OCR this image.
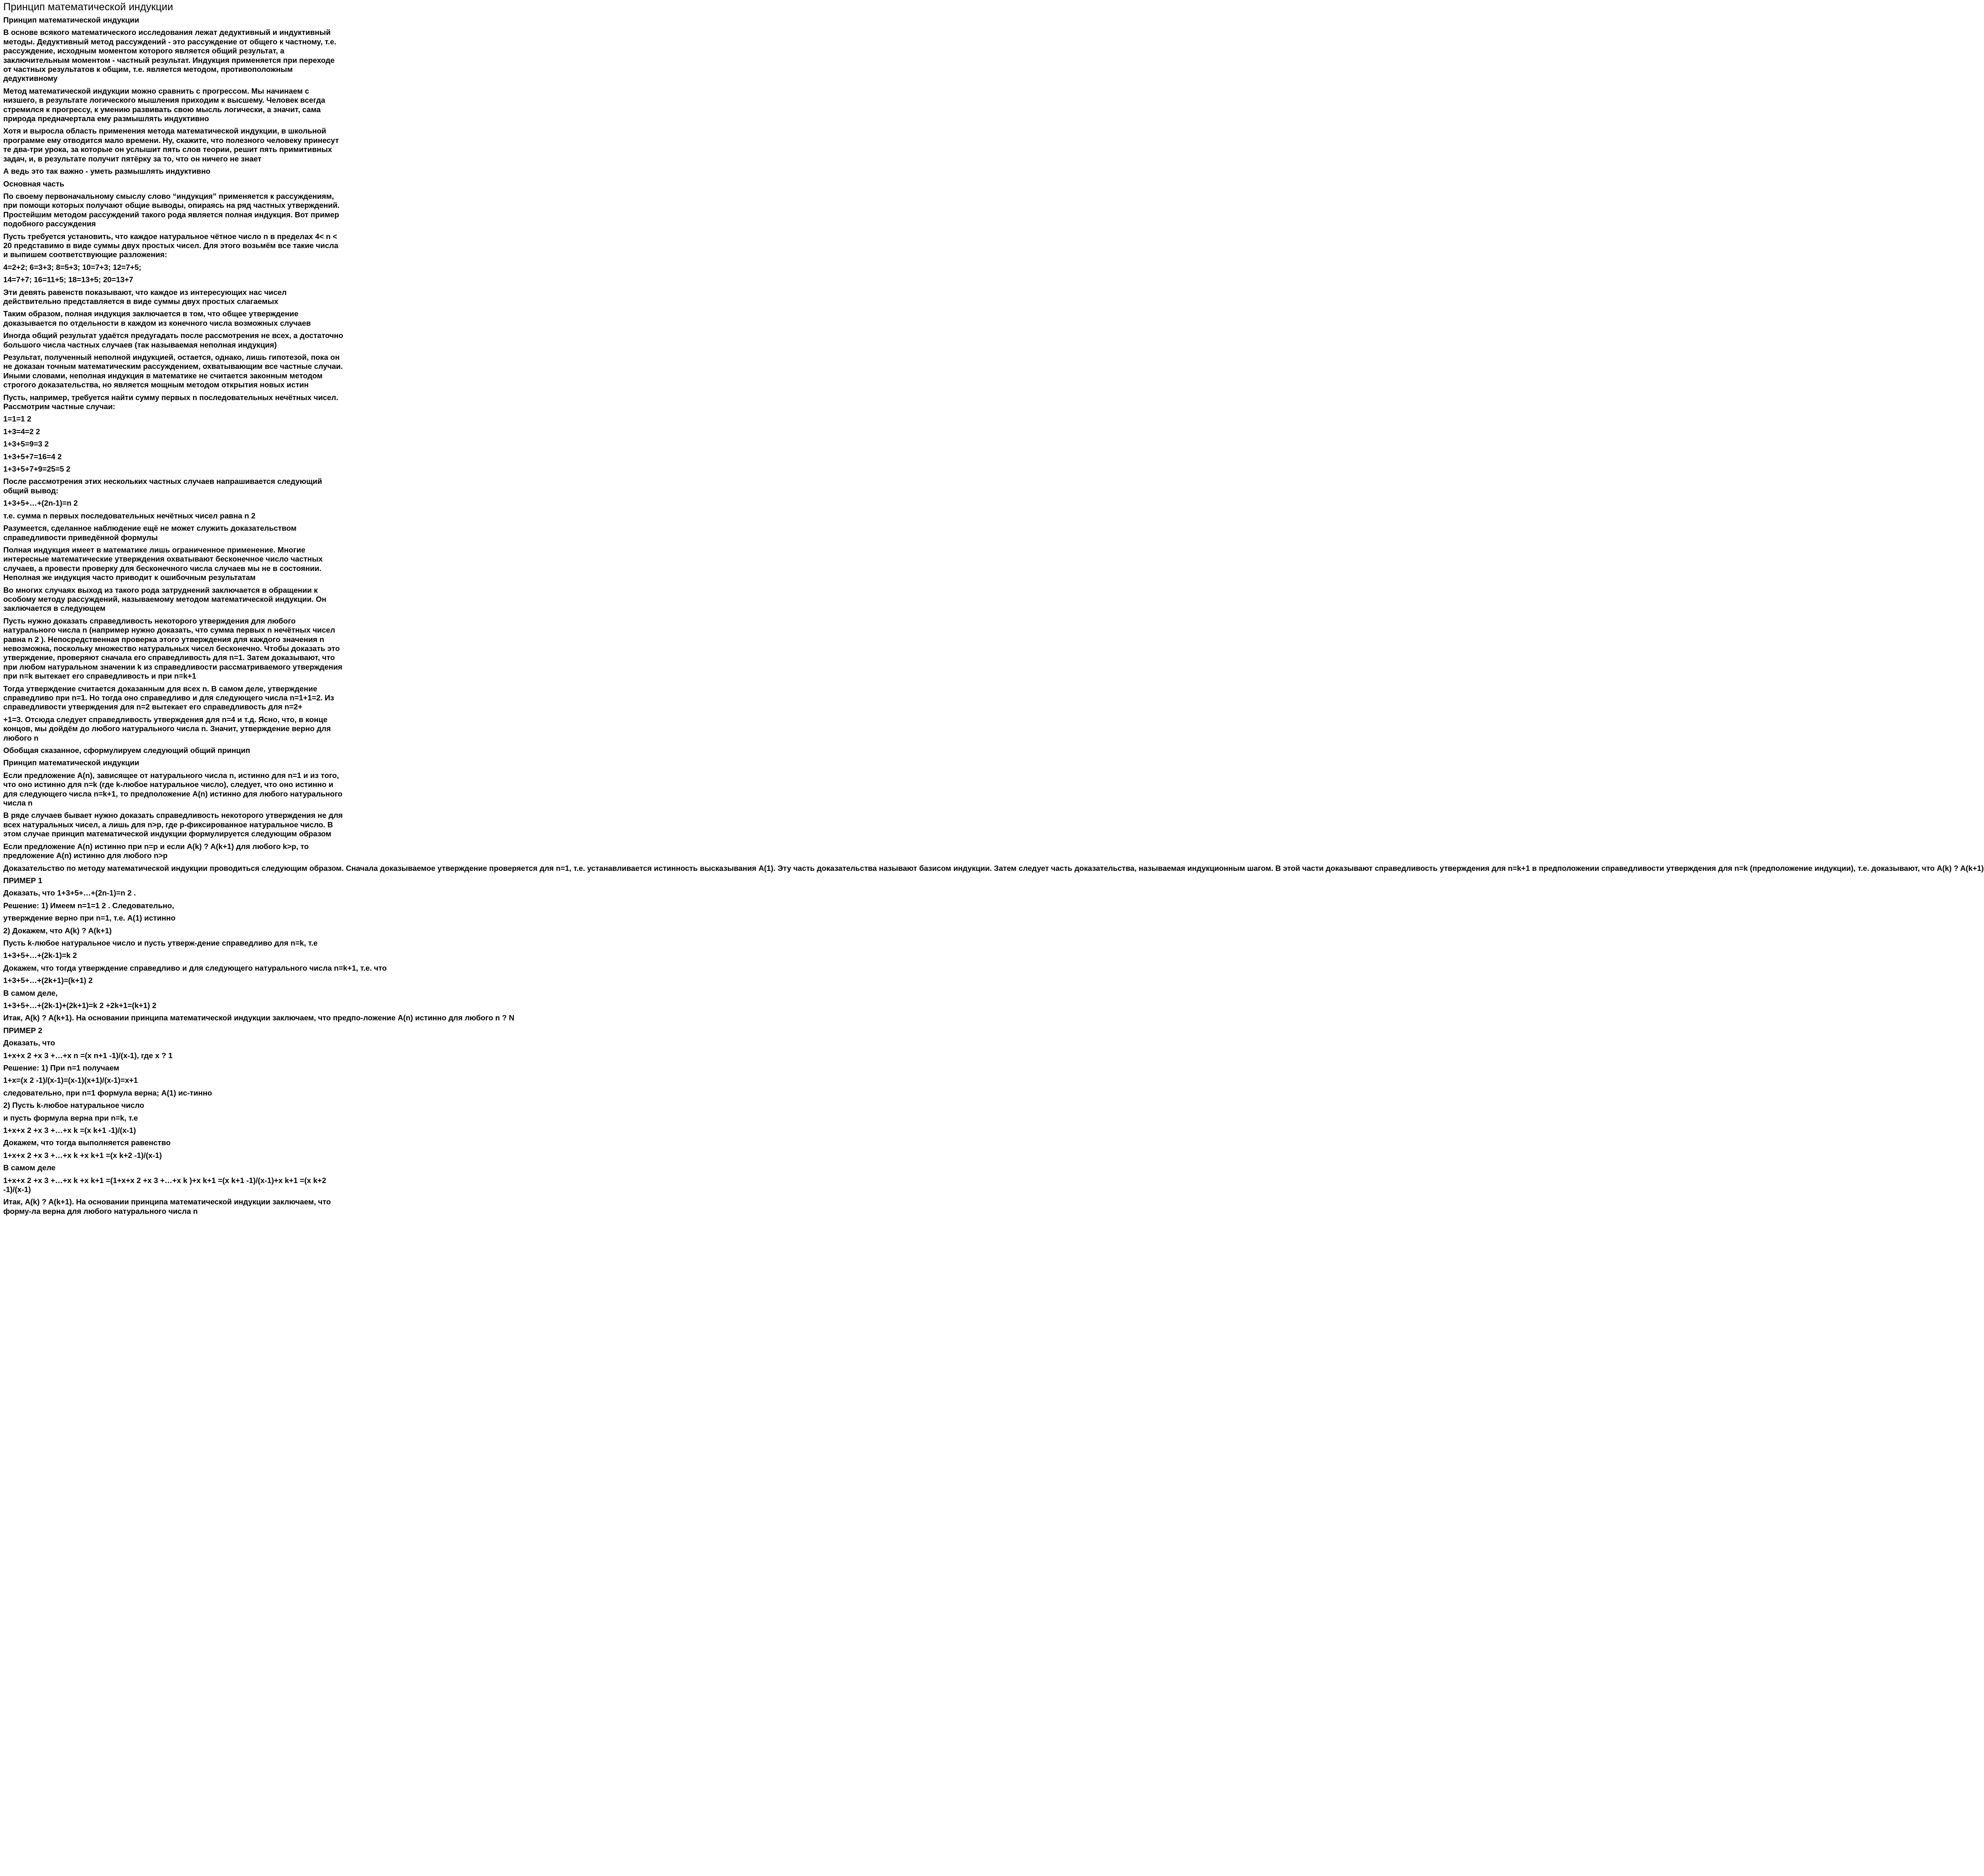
Принцип математической индукции
Принцип математической индукции
В основе всякого математического исследования лежат дедуктивный и индуктивный методы. Дедуктивный метод рассуждений - это рассуждение от общего к частному, т.е. рассуждение, исходным моментом которого является общий результат, а заключительным моментом - частный результат. Индукция применяется при переходе от частных результатов к общим, т.е. является методом, противоположным дедуктивному
Метод математической индукции можно сравнить с прогрессом. Мы начинаем с низшего, в результате логического мышления приходим к высшему. Человек всегда стремился к прогрессу, к умению развивать свою мысль логически, а значит, сама природа предначертала ему размышлять индуктивно
Хотя и выросла область применения метода математической индукции, в школьной программе ему отводится мало времени. Ну, скажите, что полезного человеку принесут те два-три урока, за которые он услышит пять слов теории, решит пять примитивных задач, и, в результате получит пятёрку за то, что он ничего не знает
А ведь это так важно - уметь размышлять индуктивно
Основная часть
По своему первоначальному смыслу слово “индукция” применяется к рассуждениям, при помощи которых получают общие выводы, опираясь на ряд частных утверждений. Простейшим методом рассуждений такого рода является полная индукция. Вот пример подобного рассуждения
Пусть требуется установить, что каждое натуральное чётное число n в пределах 4< n < 20 представимо в виде суммы двух простых чисел. Для этого возьмём все такие числа и выпишем соответствующие разложения:
4=2+2; 6=3+3; 8=5+3; 10=7+3; 12=7+5;
14=7+7; 16=11+5; 18=13+5; 20=13+7
Эти девять равенств показывают, что каждое из интересующих нас чисел действительно представляется в виде суммы двух простых слагаемых
Таким образом, полная индукция заключается в том, что общее утверждение доказывается по отдельности в каждом из конечного числа возможных случаев
Иногда общий результат удаётся предугадать после рассмотрения не всех, а достаточно большого числа частных случаев (так называемая неполная индукция)
Результат, полученный неполной индукцией, остается, однако, лишь гипотезой, пока он не доказан точным математическим рассуждением, охватывающим все частные случаи. Иными словами, неполная индукция в математике не считается законным методом строгого доказательства, но является мощным методом открытия новых истин
Пусть, например, требуется найти сумму первых n последовательных нечётных чисел. Рассмотрим частные случаи:
1=1=1 2
1+3=4=2 2
1+3+5=9=3 2
1+3+5+7=16=4 2
1+3+5+7+9=25=5 2
После рассмотрения этих нескольких частных случаев напрашивается следующий общий вывод:
1+3+5+…+(2n-1)=n 2
т.е. сумма n первых последовательных нечётных чисел равна n 2
Разумеется, сделанное наблюдение ещё не может служить доказательством справедливости приведённой формулы
Полная индукция имеет в математике лишь ограниченное применение. Многие интересные математические утверждения охватывают бесконечное число частных случаев, а провести проверку для бесконечного числа случаев мы не в состоянии. Неполная же индукция часто приводит к ошибочным результатам
Во многих случаях выход из такого рода затруднений заключается в обращении к особому методу рассуждений, называемому методом математической индукции. Он заключается в следующем
Пусть нужно доказать справедливость некоторого утверждения для любого натурального числа n (например нужно доказать, что сумма первых n нечётных чисел равна n 2 ). Непосредственная проверка этого утверждения для каждого значения n невозможна, поскольку множество натуральных чисел бесконечно. Чтобы доказать это утверждение, проверяют сначала его справедливость для n=1. Затем доказывают, что при любом натуральном значении k из справедливости рассматриваемого утверждения при n=k вытекает его справедливость и при n=k+1
Тогда утверждение считается доказанным для всех n. В самом деле, утверждение справедливо при n=1. Но тогда оно справедливо и для следующего числа n=1+1=2. Из справедливости утверждения для n=2 вытекает его справедливость для n=2+
+1=3. Отсюда следует справедливость утверждения для n=4 и т.д. Ясно, что, в конце концов, мы дойдём до любого натурального числа n. Значит, утверждение верно для любого n
Обобщая сказанное, сформулируем следующий общий принцип
Принцип математической индукции
Если предложение A(n), зависящее от натурального числа n, истинно для n=1 и из того, что оно истинно для n=k (где k-любое натуральное число), следует, что оно истинно и для следующего числа n=k+1, то предположение A(n) истинно для любого натурального числа n
В ряде случаев бывает нужно доказать справедливость некоторого утверждения не для всех натуральных чисел, а лишь для n>p, где p-фиксированное натуральное число. В этом случае принцип математической индукции формулируется следующим образом
Если предложение A(n) истинно при n=p и если A(k) ? A(k+1) для любого k>p, то предложение A(n) истинно для любого n>p
Доказательство по методу математической индукции проводиться следующим образом. Сначала доказываемое утверждение проверяется для n=1, т.е. устанавливается истинность высказывания A(1). Эту часть доказательства называют базисом индукции. Затем следует часть доказательства, называемая индукционным шагом. В этой части доказывают справедливость утверждения для n=k+1 в предположении справедливости утверждения для n=k (предположение индукции), т.е. доказывают, что A(k) ? A(k+1)
ПРИМЕР 1
Доказать, что 1+3+5+…+(2n-1)=n 2 .
Решение: 1) Имеем n=1=1 2 . Следовательно,
утверждение верно при n=1, т.е. A(1) истинно
2) Докажем, что A(k) ? A(k+1)
Пусть k-любое натуральное число и пусть утверж-дение справедливо для n=k, т.е
1+3+5+…+(2k-1)=k 2
Докажем, что тогда утверждение справедливо и для следующего натурального числа n=k+1, т.е. что
1+3+5+…+(2k+1)=(k+1) 2
В самом деле,
1+3+5+…+(2k-1)+(2k+1)=k 2 +2k+1=(k+1) 2
Итак, A(k) ? A(k+1). На основании принципа математической индукции заключаем, что предпо-ложение A(n) истинно для любого n ? N
ПРИМЕР 2
Доказать, что
1+x+x 2 +x 3 +…+x n =(x n+1 -1)/(x-1), где x ? 1
Решение: 1) При n=1 получаем
1+x=(x 2 -1)/(x-1)=(x-1)(x+1)/(x-1)=x+1
следовательно, при n=1 формула верна; A(1) ис-тинно
2) Пусть k-любое натуральное число
и пусть формула верна при n=k, т.е
1+x+x 2 +x 3 +…+x k =(x k+1 -1)/(x-1)
Докажем, что тогда выполняется равенство
1+x+x 2 +x 3 +…+x k +x k+1 =(x k+2 -1)/(x-1)
В самом деле
1+x+х 2 +x 3 +…+х k +x k+1 =(1+x+x 2 +x 3 +…+x k )+x k+1 =(x k+1 -1)/(x-1)+x k+1 =(x k+2 -1)/(x-1)
Итак, A(k) ? A(k+1). На основании принципа математической индукции заключаем, что форму-ла верна для любого натурального числа n
